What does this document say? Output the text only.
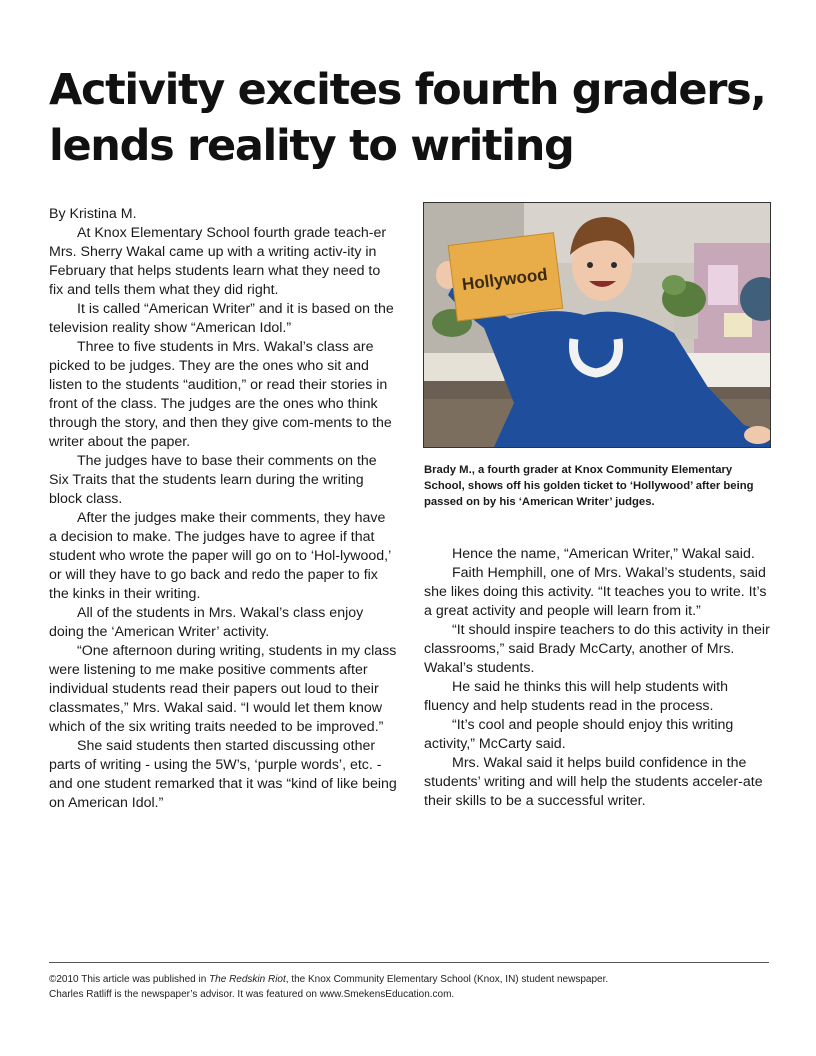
Activity excites fourth graders,
lends reality to writing

By Kristina M.

At Knox Elementary School fourth grade teach-er Mrs. Sherry Wakal came up with a writing activ-ity in February that helps students learn what they need to fix and tells them what they did right.

It is called “American Writer” and it is based on the television reality show “American Idol.”

Three to five students in Mrs. Wakal’s class are picked to be judges. They are the ones who sit and listen to the students “audition,” or read their stories in front of the class. The judges are the ones who think through the story, and then they give com-ments to the writer about the paper.

The judges have to base their comments on the Six Traits that the students learn during the writing block class.

After the judges make their comments, they have a decision to make. The judges have to agree if that student who wrote the paper will go on to ‘Hol-lywood,’ or will they have to go back and redo the paper to fix the kinks in their writing.

All of the students in Mrs. Wakal’s class enjoy doing the ‘American Writer’ activity.

“One afternoon during writing, students in my class were listening to me make positive comments after individual students read their papers out loud to their classmates,” Mrs. Wakal said. “I would let them know which of the six writing traits needed to be improved.”

She said students then started discussing other parts of writing - using the 5W’s, ‘purple words’, etc. - and one student remarked that it was “kind of like being on American Idol.”

Hollywood

Brady M., a fourth grader at Knox Community Elementary School, shows off his golden ticket to ‘Hollywood’ after being passed on by his ‘American Writer’ judges.

Hence the name, “American Writer,” Wakal said.

Faith Hemphill, one of Mrs. Wakal’s students, said she likes doing this activity. “It teaches you to write. It’s a great activity and people will learn from it.”

“It should inspire teachers to do this activity in their classrooms,” said Brady McCarty, another of Mrs. Wakal’s students.

He said he thinks this will help students with fluency and help students read in the process.

“It’s cool and people should enjoy this writing activity,” McCarty said.

Mrs. Wakal said it helps build confidence in the students’ writing and will help the students acceler-ate their skills to be a successful writer.

©2010 This article was published in The Redskin Riot, the Knox Community Elementary School (Knox, IN) student newspaper.
Charles Ratliff is the newspaper’s advisor. It was featured on www.SmekensEducation.com.
